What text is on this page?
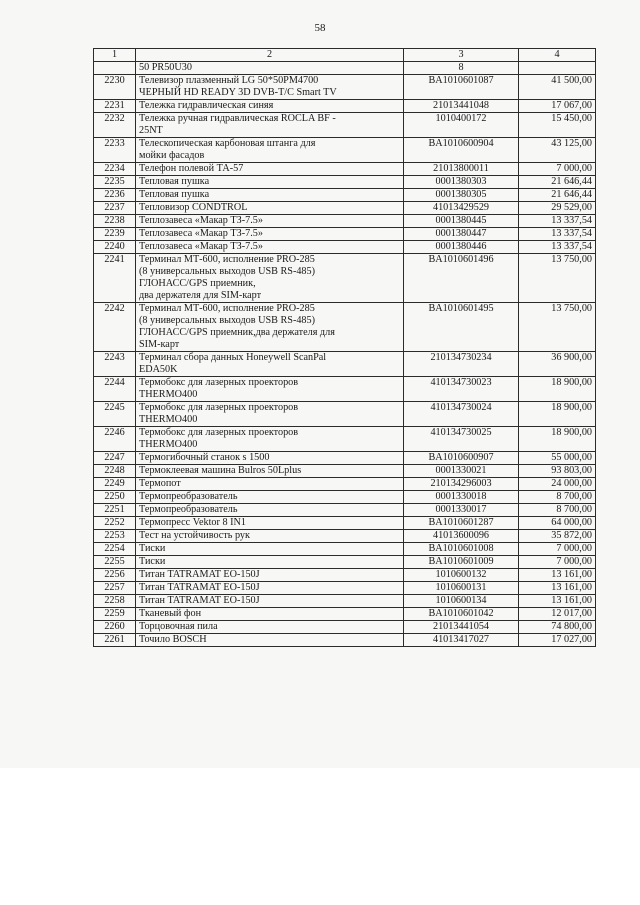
58
1	2	3	4
	50 PR50U30	8	
2230	Телевизор плазменный LG 50*50PM4700
ЧЕРНЫЙ HD READY 3D DVB-T/C Smart TV	BA1010601087	41 500,00
2231	Тележка гидравлическая синяя	21013441048	17 067,00
2232	Тележка ручная гидравлическая ROCLA BF -
25NT	1010400172	15 450,00
2233	Телескопическая карбоновая штанга для
мойки фасадов	BA1010600904	43 125,00
2234	Телефон полевой ТА-57	21013800011	7 000,00
2235	Тепловая пушка	0001380303	21 646,44
2236	Тепловая пушка	0001380305	21 646,44
2237	Тепловизор CONDTROL	41013429529	29 529,00
2238	Теплозавеса «Макар ТЗ-7.5»	0001380445	13 337,54
2239	Теплозавеса «Макар ТЗ-7.5»	0001380447	13 337,54
2240	Теплозавеса «Макар ТЗ-7.5»	0001380446	13 337,54
2241	Терминал МТ-600, исполнение PRO-285
(8 универсальных выходов USB RS-485)
ГЛОНАСС/GPS приемник,
два держателя для SIM-карт	BA1010601496	13 750,00
2242	Терминал МТ-600, исполнение PRO-285
(8 универсальных выходов USB RS-485)
ГЛОНАСС/GPS приемник,два держателя для
SIM-карт	BA1010601495	13 750,00
2243	Терминал сбора данных Honeywell ScanPal
EDA50K	210134730234	36 900,00
2244	Термобокс для лазерных проекторов
THERMO400	410134730023	18 900,00
2245	Термобокс для лазерных проекторов
THERMO400	410134730024	18 900,00
2246	Термобокс для лазерных проекторов
THERMO400	410134730025	18 900,00
2247	Термогибочный станок s 1500	BA1010600907	55 000,00
2248	Термоклеевая машина Bulros 50Lplus	0001330021	93 803,00
2249	Термопот	210134296003	24 000,00
2250	Термопреобразователь	0001330018	8 700,00
2251	Термопреобразователь	0001330017	8 700,00
2252	Термопресс Vektor 8 IN1	BA1010601287	64 000,00
2253	Тест на устойчивость рук	41013600096	35 872,00
2254	Тиски	BA1010601008	7 000,00
2255	Тиски	BA1010601009	7 000,00
2256	Титан TATRAMAT EO-150J	1010600132	13 161,00
2257	Титан TATRAMAT EO-150J	1010600131	13 161,00
2258	Титан TATRAMAT EO-150J	1010600134	13 161,00
2259	Тканевый фон	BA1010601042	12 017,00
2260	Торцовочная пила	21013441054	74 800,00
2261	Точило BOSCH	41013417027	17 027,00
